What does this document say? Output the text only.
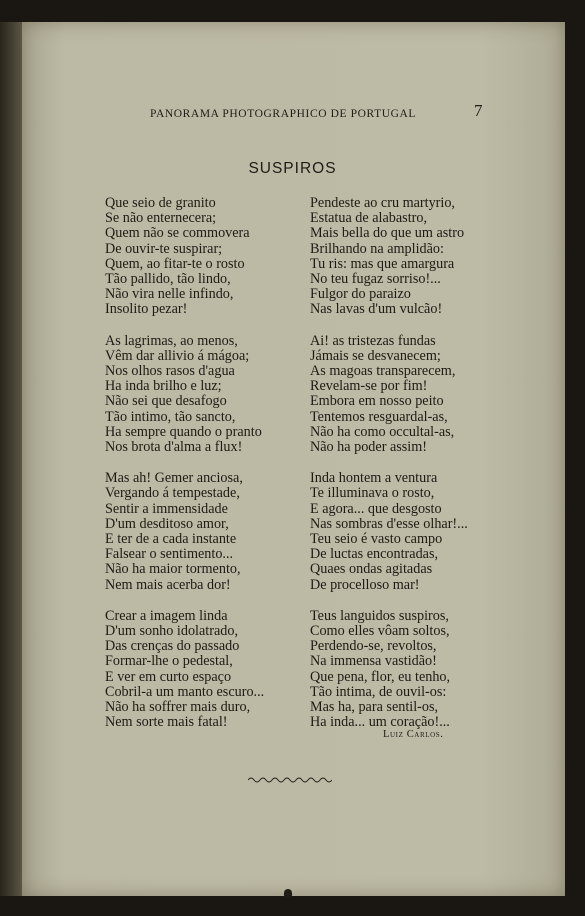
PANORAMA PHOTOGRAPHICO DE PORTUGAL	7
SUSPIROS
Que seio de granito
Se não enternecera;
Quem não se commovera
De ouvir-te suspirar;
Quem, ao fitar-te o rosto
Tão pallido, tão lindo,
Não vira nelle infindo,
Insolito pezar!
As lagrimas, ao menos,
Vêm dar allivio á mágoa;
Nos olhos rasos d'agua
Ha inda brilho e luz;
Não sei que desafogo
Tão intimo, tão sancto,
Ha sempre quando o pranto
Nos brota d'alma a flux!
Mas ah! Gemer anciosa,
Vergando á tempestade,
Sentir a immensidade
D'um desditoso amor,
E ter de a cada instante
Falsear o sentimento...
Não ha maior tormento,
Nem mais acerba dor!
Crear a imagem linda
D'um sonho idolatrado,
Das crenças do passado
Formar-lhe o pedestal,
E ver em curto espaço
Cobril-a um manto escuro...
Não ha soffrer mais duro,
Nem sorte mais fatal!
Pendeste ao cru martyrio,
Estatua de alabastro,
Mais bella do que um astro
Brilhando na amplidão:
Tu ris: mas que amargura
No teu fugaz sorriso!...
Fulgor do paraizo
Nas lavas d'um vulcão!
Ai! as tristezas fundas
Jámais se desvanecem;
As magoas transparecem,
Revelam-se por fim!
Embora em nosso peito
Tentemos resguardal-as,
Não ha como occultal-as,
Não ha poder assim!
Inda hontem a ventura
Te illuminava o rosto,
E agora... que desgosto
Nas sombras d'esse olhar!...
Teu seio é vasto campo
De luctas encontradas,
Quaes ondas agitadas
De procelloso mar!
Teus languidos suspiros,
Como elles vôam soltos,
Perdendo-se, revoltos,
Na immensa vastidão!
Que pena, flor, eu tenho,
Tão intima, de ouvil-os:
Mas ha, para sentil-os,
Ha inda... um coração!...
Luiz Carlos.
